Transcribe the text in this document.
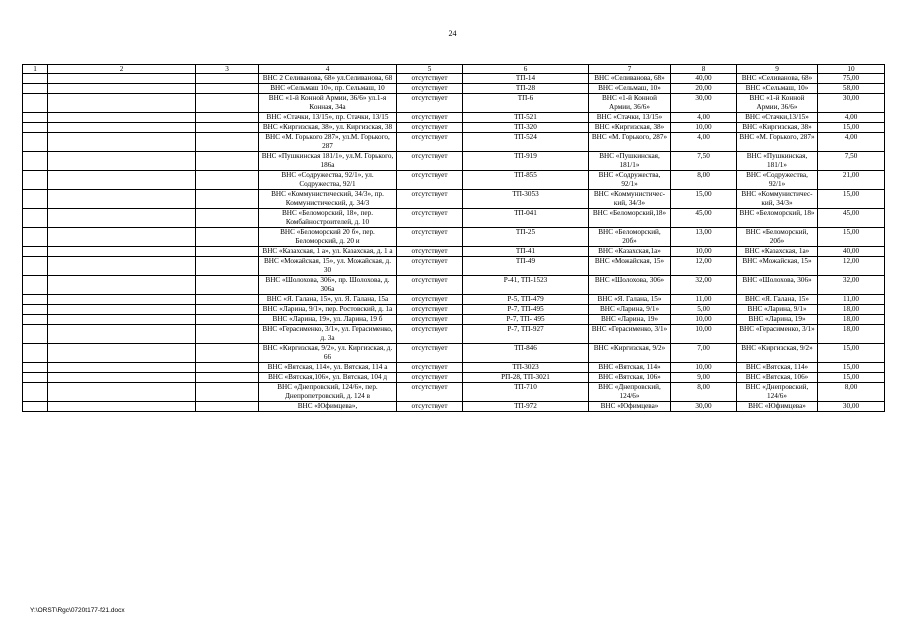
24
1	2	3	4	5	6	7	8	9	10
			ВНС 2 Селиванова, 68» ул.Селиванова, 68	отсутствует	ТП-14	ВНС «Селиванова, 68»	40,00	ВНС «Селиванова, 68»	75,00
			ВНС «Сельмаш 10», пр. Сельмаш, 10	отсутствует	ТП-28	ВНС «Сельмаш, 10»	20,00	ВНС «Сельмаш, 10»	58,00
			ВНС «1-й Конной Армии, 36/6» ул.1-я Конная, 34а	отсутствует	ТП-6	ВНС «1-й Конной Армии, 36/6»	30,00	ВНС «1-й Конной Армии, 36/6»	30,00
			ВНС «Стачки, 13/15», пр. Стачки, 13/15	отсутствует	ТП-521	ВНС «Стачки, 13/15»	4,00	ВНС «Стачки,13/15»	4,00
			ВНС «Киргизская, 38», ул. Киргизская, 38	отсутствует	ТП-320	ВНС «Киргизская, 38»	10,00	ВНС «Киргизская, 38»	15,00
			ВНС «М. Горького 287», ул.М. Горького, 287	отсутствует	ТП-524	ВНС «М. Горького, 287»	4,00	ВНС «М. Горького, 287»	4,00
			ВНС «Пушкинская 181/1», ул.М. Горького, 186а	отсутствует	ТП-919	ВНС «Пушкинская, 181/1»	7,50	ВНС «Пушкинская, 181/1»	7,50
			ВНС «Содружества, 92/1», ул. Содружества, 92/1	отсутствует	ТП-855	ВНС «Содружества, 92/1»	8,00	ВНС «Содружества, 92/1»	21,00
			ВНС «Коммунистический, 34/3», пр. Коммунистический, д. 34/3	отсутствует	ТП-3053	ВНС «Коммунистичес-кий, 34/3»	15,00	ВНС «Коммунистичес-кий, 34/3»	15,00
			ВНС «Беломорский, 18», пер. Комбайностроителей, д. 10	отсутствует	ТП-041	ВНС «Беломорский,18»	45,00	ВНС «Беломорский, 18»	45,00
			ВНС «Беломорский 20 б», пер. Беломорский, д. 20 и	отсутствует	ТП-25	ВНС «Беломорский, 20б»	13,00	ВНС «Беломорский, 20б»	15,00
			ВНС «Казахская, 1 а», ул. Казахская, д. 1 а	отсутствует	ТП-41	ВНС «Казахская,1а»	10,00	ВНС «Казахская, 1а»	40,00
			ВНС «Можайская, 15», ул. Можайская, д. 30	отсутствует	ТП-49	ВНС «Можайская, 15»	12,00	ВНС «Можайская, 15»	12,00
			ВНС «Шолохова, 306», пр. Шолохова, д. 306а	отсутствует	Р-41, ТП-1523	ВНС «Шолохова, 306»	32,00	ВНС «Шолохова, 306»	32,00
			ВНС «Я. Галана, 15», ул. Я. Галана, 15а	отсутствует	Р-5, ТП-479	ВНС «Я. Галана, 15»	11,00	ВНС «Я. Галана, 15»	11,00
			ВНС «Ларина, 9/1», пер. Ростовский, д. 1а	отсутствует	Р-7, ТП-495	ВНС «Ларина, 9/1»	5,00	ВНС «Ларина, 9/1»	18,00
			ВНС «Ларина, 19», ул. Ларина, 19 б	отсутствует	Р-7, ТП- 495	ВНС «Ларина, 19»	10,00	ВНС «Ларина, 19»	18,00
			ВНС «Герасименко, 3/1», ул. Герасименко, д. 3а	отсутствует	Р-7, ТП-927	ВНС «Герасименко, 3/1»	10,00	ВНС «Герасименко, 3/1»	18,00
			ВНС «Киргизская, 9/2», ул. Киргизская, д. 66	отсутствует	ТП-846	ВНС «Киргизская, 9/2»	7,00	ВНС «Киргизская, 9/2»	15,00
			ВНС «Вятская, 114», ул. Вятская, 114 а	отсутствует	ТП-3023	ВНС «Вятская, 114»	10,00	ВНС «Вятская, 114»	15,00
			ВНС «Вятская,106», ул. Вятская, 104 д	отсутствует	РП-28, ТП-3021	ВНС «Вятская, 106»	9,00	ВНС «Вятская, 106»	15,00
			ВНС «Днепровский, 124/6», пер. Днепропетровский, д. 124 в	отсутствует	ТП-710	ВНС «Днепровский, 124/6»	8,00	ВНС «Днепровский, 124/6»	8,00
			ВНС «Юфимцева»,	отсутствует	ТП-972	ВНС «Юфимцева»	30,00	ВНС «Юфимцева»	30,00
Y:\ORST\Rgc\0720t177-f21.docx
